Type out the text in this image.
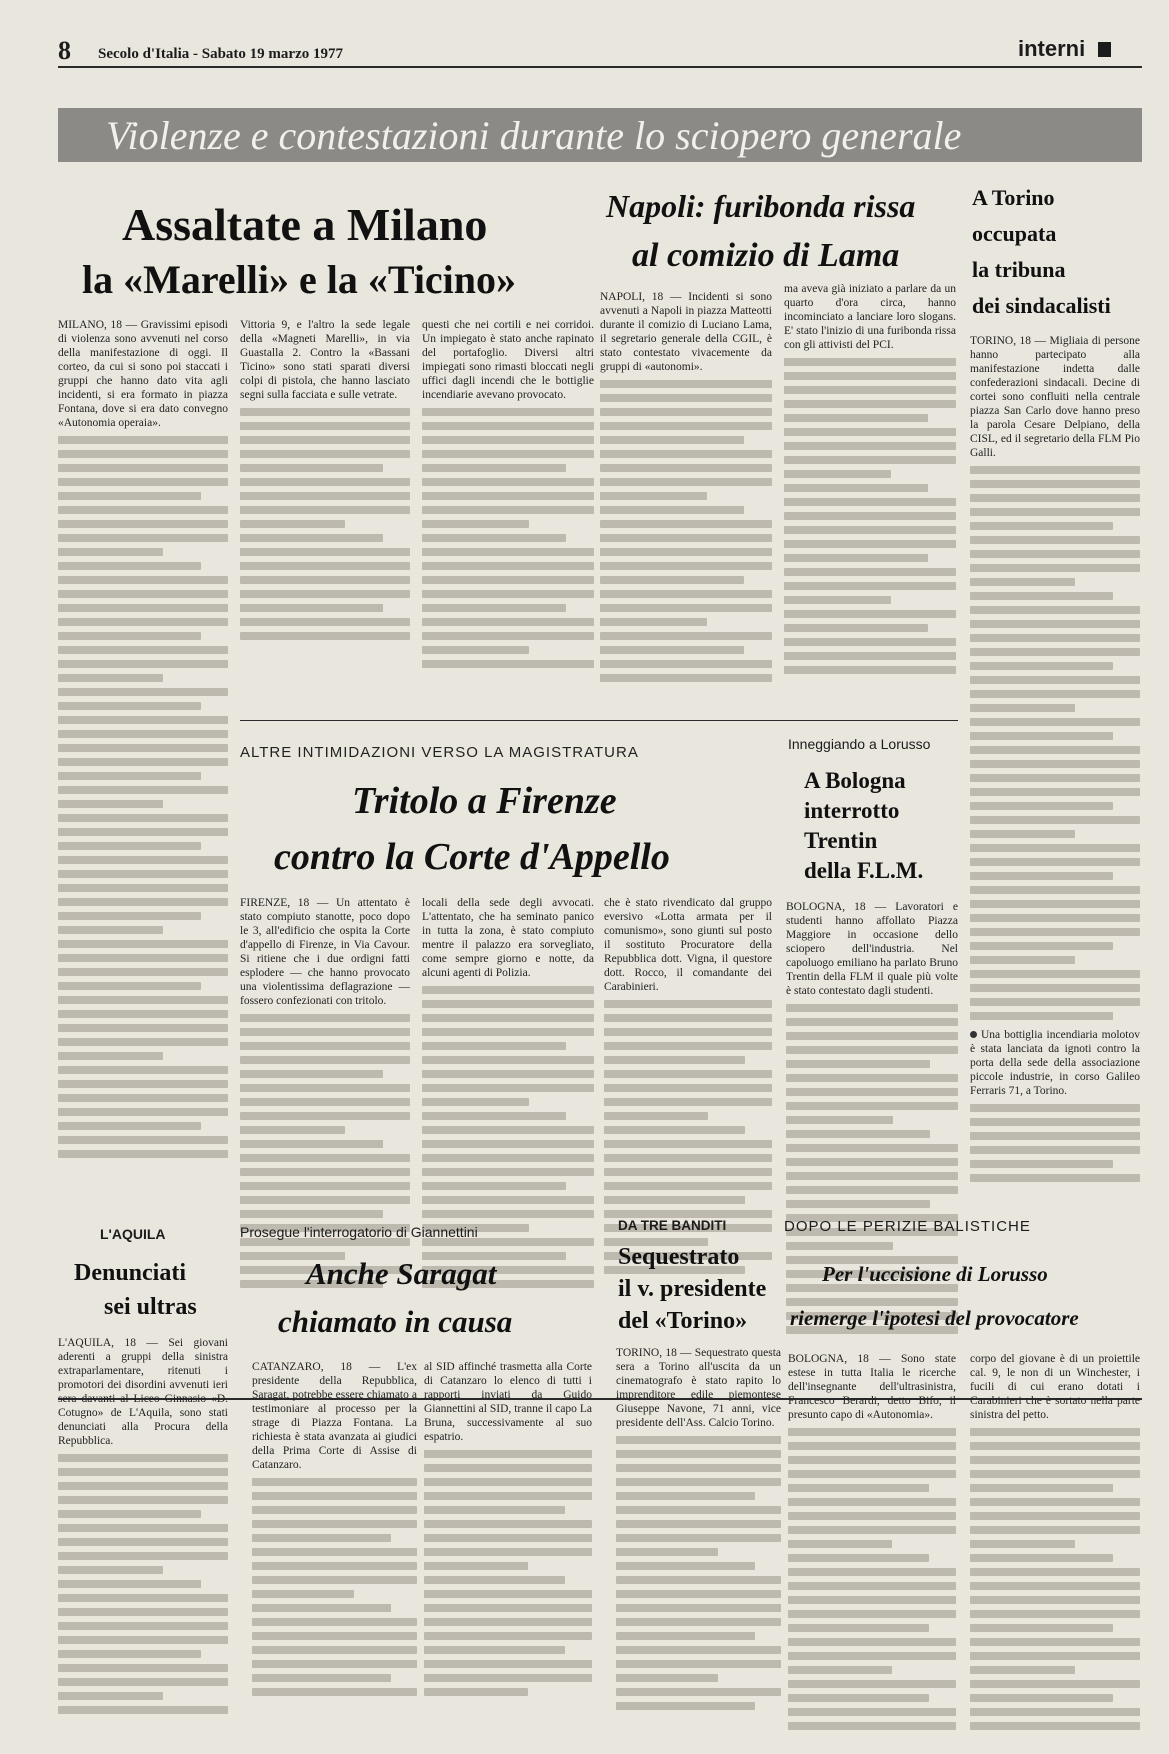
8 Secolo d'Italia - Sabato 19 marzo 1977	interni
Violenze e contestazioni durante lo sciopero generale
Assaltate a Milano
la «Marelli» e la «Ticino»
MILANO, 18 — Gravissimi episodi di violenza sono avvenuti nel corso della manifestazione di oggi. Il corteo, da cui si sono poi staccati i gruppi che hanno dato vita agli incidenti, si era formato in piazza Fontana, dove si era dato convegno «Autonomia operaia».
Vittoria 9, e l'altro la sede legale della «Magneti Marelli», in via Guastalla 2. Contro la «Bassani Ticino» sono stati sparati diversi colpi di pistola, che hanno lasciato segni sulla facciata e sulle vetrate.
questi che nei cortili e nei corridoi. Un impiegato è stato anche rapinato del portafoglio. Diversi altri impiegati sono rimasti bloccati negli uffici dagli incendi che le bottiglie incendiarie avevano provocato.
Napoli: furibonda rissa
al comizio di Lama
NAPOLI, 18 — Incidenti si sono avvenuti a Napoli in piazza Matteotti durante il comizio di Luciano Lama, il segretario generale della CGIL, è stato contestato vivacemente da gruppi di «autonomi».
ma aveva già iniziato a parlare da un quarto d'ora circa, hanno incominciato a lanciare loro slogans. E' stato l'inizio di una furibonda rissa con gli attivisti del PCI.
A Torino
occupata
la tribuna
dei sindacalisti
TORINO, 18 — Migliaia di persone hanno partecipato alla manifestazione indetta dalle confederazioni sindacali. Decine di cortei sono confluiti nella centrale piazza San Carlo dove hanno preso la parola Cesare Delpiano, della CISL, ed il segretario della FLM Pio Galli.
Una bottiglia incendiaria molotov è stata lanciata da ignoti contro la porta della sede della associazione piccole industrie, in corso Galileo Ferraris 71, a Torino.
ALTRE INTIMIDAZIONI VERSO LA MAGISTRATURA
Tritolo a Firenze
contro la Corte d'Appello
FIRENZE, 18 — Un attentato è stato compiuto stanotte, poco dopo le 3, all'edificio che ospita la Corte d'appello di Firenze, in Via Cavour. Si ritiene che i due ordigni fatti esplodere — che hanno provocato una violentissima deflagrazione — fossero confezionati con tritolo.
locali della sede degli avvocati. L'attentato, che ha seminato panico in tutta la zona, è stato compiuto mentre il palazzo era sorvegliato, come sempre giorno e notte, da alcuni agenti di Polizia.
che è stato rivendicato dal gruppo eversivo «Lotta armata per il comunismo», sono giunti sul posto il sostituto Procuratore della Repubblica dott. Vigna, il questore dott. Rocco, il comandante dei Carabinieri.
Inneggiando a Lorusso
A Bologna
interrotto
Trentin
della F.L.M.
BOLOGNA, 18 — Lavoratori e studenti hanno affollato Piazza Maggiore in occasione dello sciopero dell'industria. Nel capoluogo emiliano ha parlato Bruno Trentin della FLM il quale più volte è stato contestato dagli studenti.
L'AQUILA
Denunciati
sei ultras
L'AQUILA, 18 — Sei giovani aderenti a gruppi della sinistra extraparlamentare, ritenuti i promotori dei disordini avvenuti ieri sera davanti al Liceo Ginnasio «D. Cotugno» de L'Aquila, sono stati denunciati alla Procura della Repubblica.
Prosegue l'interrogatorio di Giannettini
Anche Saragat
chiamato in causa
CATANZARO, 18 — L'ex presidente della Repubblica, Saragat, potrebbe essere chiamato a testimoniare al processo per la strage di Piazza Fontana. La richiesta è stata avanzata ai giudici della Prima Corte di Assise di Catanzaro.
al SID affinché trasmetta alla Corte di Catanzaro lo elenco di tutti i rapporti inviati da Guido Giannettini al SID, tranne il capo La Bruna, successivamente al suo espatrio.
DA TRE BANDITI
Sequestrato
il v. presidente
del «Torino»
TORINO, 18 — Sequestrato questa sera a Torino all'uscita da un cinematografo è stato rapito lo imprenditore edile piemontese Giuseppe Navone, 71 anni, vice presidente dell'Ass. Calcio Torino.
DOPO LE PERIZIE BALISTICHE
Per l'uccisione di Lorusso
riemerge l'ipotesi del provocatore
BOLOGNA, 18 — Sono state estese in tutta Italia le ricerche dell'insegnante dell'ultrasinistra, Francesco Berardi, detto Bifo, il presunto capo di «Autonomia».
corpo del giovane è di un proiettile cal. 9, le non di un Winchester, i fucili di cui erano dotati i Carabinieri che è sortato nella parte sinistra del petto.
